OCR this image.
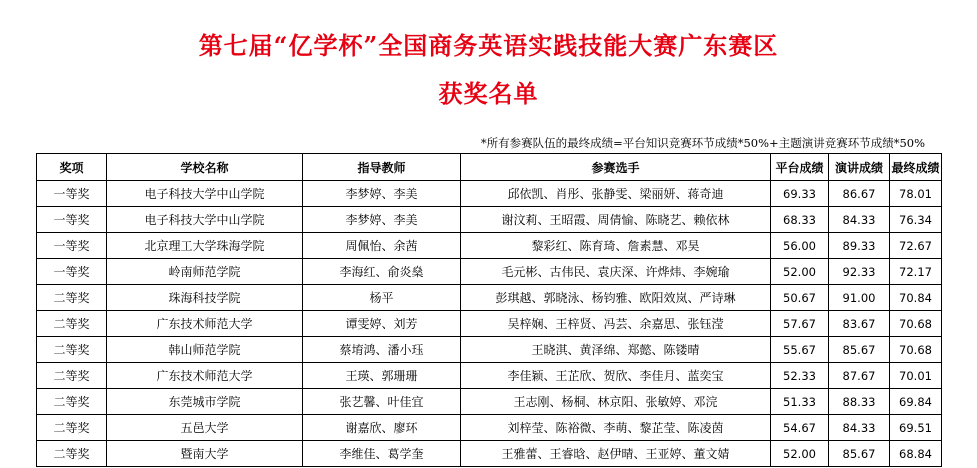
第七届“亿学杯”全国商务英语实践技能大赛广东赛区
获奖名单
*所有参赛队伍的最终成绩=平台知识竞赛环节成绩*50%+主题演讲竞赛环节成绩*50%
奖项	学校名称	指导教师	参赛选手	平台成绩	演讲成绩	最终成绩
一等奖	电子科技大学中山学院	李梦婷、李美	邱依凯、肖彤、张静雯、梁丽妍、蒋奇迪	69.33	86.67	78.01
一等奖	电子科技大学中山学院	李梦婷、李美	谢汶莉、王昭霞、周倩愉、陈晓艺、赖依林	68.33	84.33	76.34
一等奖	北京理工大学珠海学院	周佩怡、余茜	黎彩红、陈育琦、詹素慧、邓昊	56.00	89.33	72.67
一等奖	岭南师范学院	李海红、俞炎燊	毛元彬、古伟民、袁庆深、许烨炜、李婉瑜	52.00	92.33	72.17
二等奖	珠海科技学院	杨平	彭琪越、郭晓泳、杨钧雅、欧阳效岚、严诗琳	50.67	91.00	70.84
二等奖	广东技术师范大学	谭雯婷、刘芳	吴梓娴、王梓贤、冯芸、余嘉思、张钰滢	57.67	83.67	70.68
二等奖	韩山师范学院	蔡堉鸿、潘小珏	王晓淇、黄泽绵、郑懿、陈镂晴	55.67	85.67	70.68
二等奖	广东技术师范大学	王瑛、郭珊珊	李佳颖、王芷欣、贺欣、李佳月、蓝奕宝	52.33	87.67	70.01
二等奖	东莞城市学院	张艺馨、叶佳宜	王志刚、杨桐、林京阳、张敏婷、邓浣	51.33	88.33	69.84
二等奖	五邑大学	谢嘉欣、廖环	刘梓莹、陈裕微、李萌、黎芷莹、陈凌茵	54.67	84.33	69.51
二等奖	暨南大学	李维佳、葛学奎	王雅蕾、王睿晗、赵伊晴、王亚婷、董文婧	52.00	85.67	68.84
